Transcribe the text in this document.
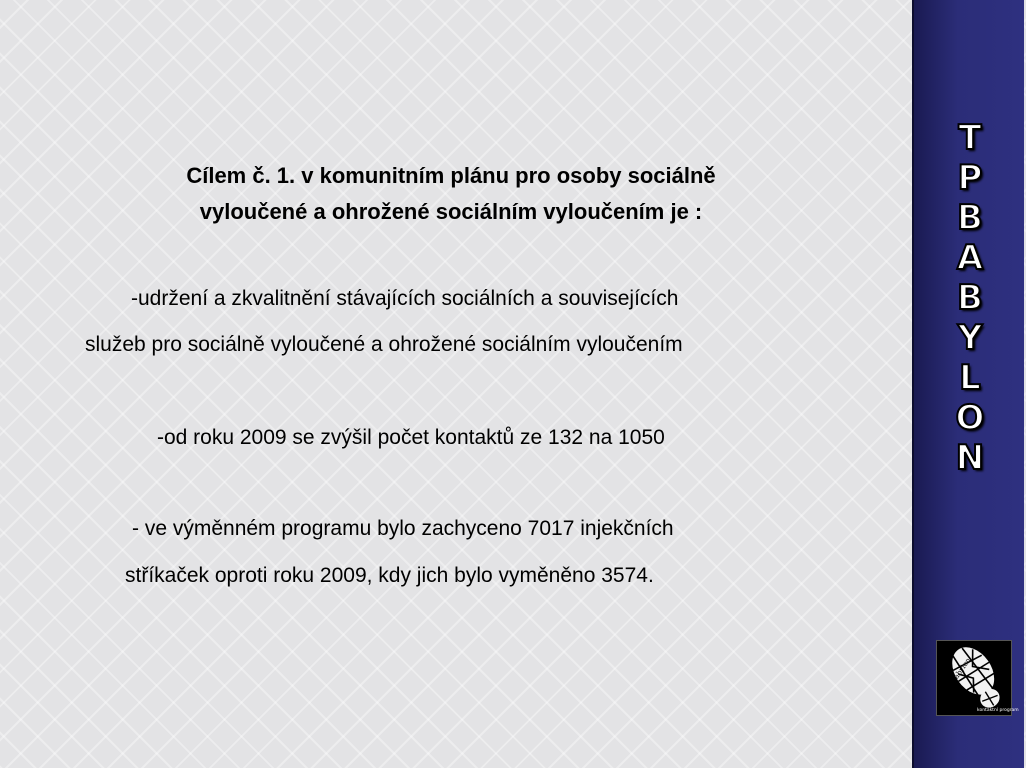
Cílem č. 1. v komunitním plánu pro osoby sociálně
vyloučené a ohrožené sociálním vyloučením je :
-udržení a zkvalitnění stávajících sociálních a souvisejících
služeb pro sociálně vyloučené a ohrožené sociálním vyloučením
-od roku 2009 se zvýšil počet kontaktů ze 132 na 1050
- ve výměnném programu bylo zachyceno 7017 injekčních
stříkaček oproti roku 2009, kdy jich bylo vyměněno 3574.
T
P
B
A
B
Y
L
O
N
Babylon
kontaktní program
